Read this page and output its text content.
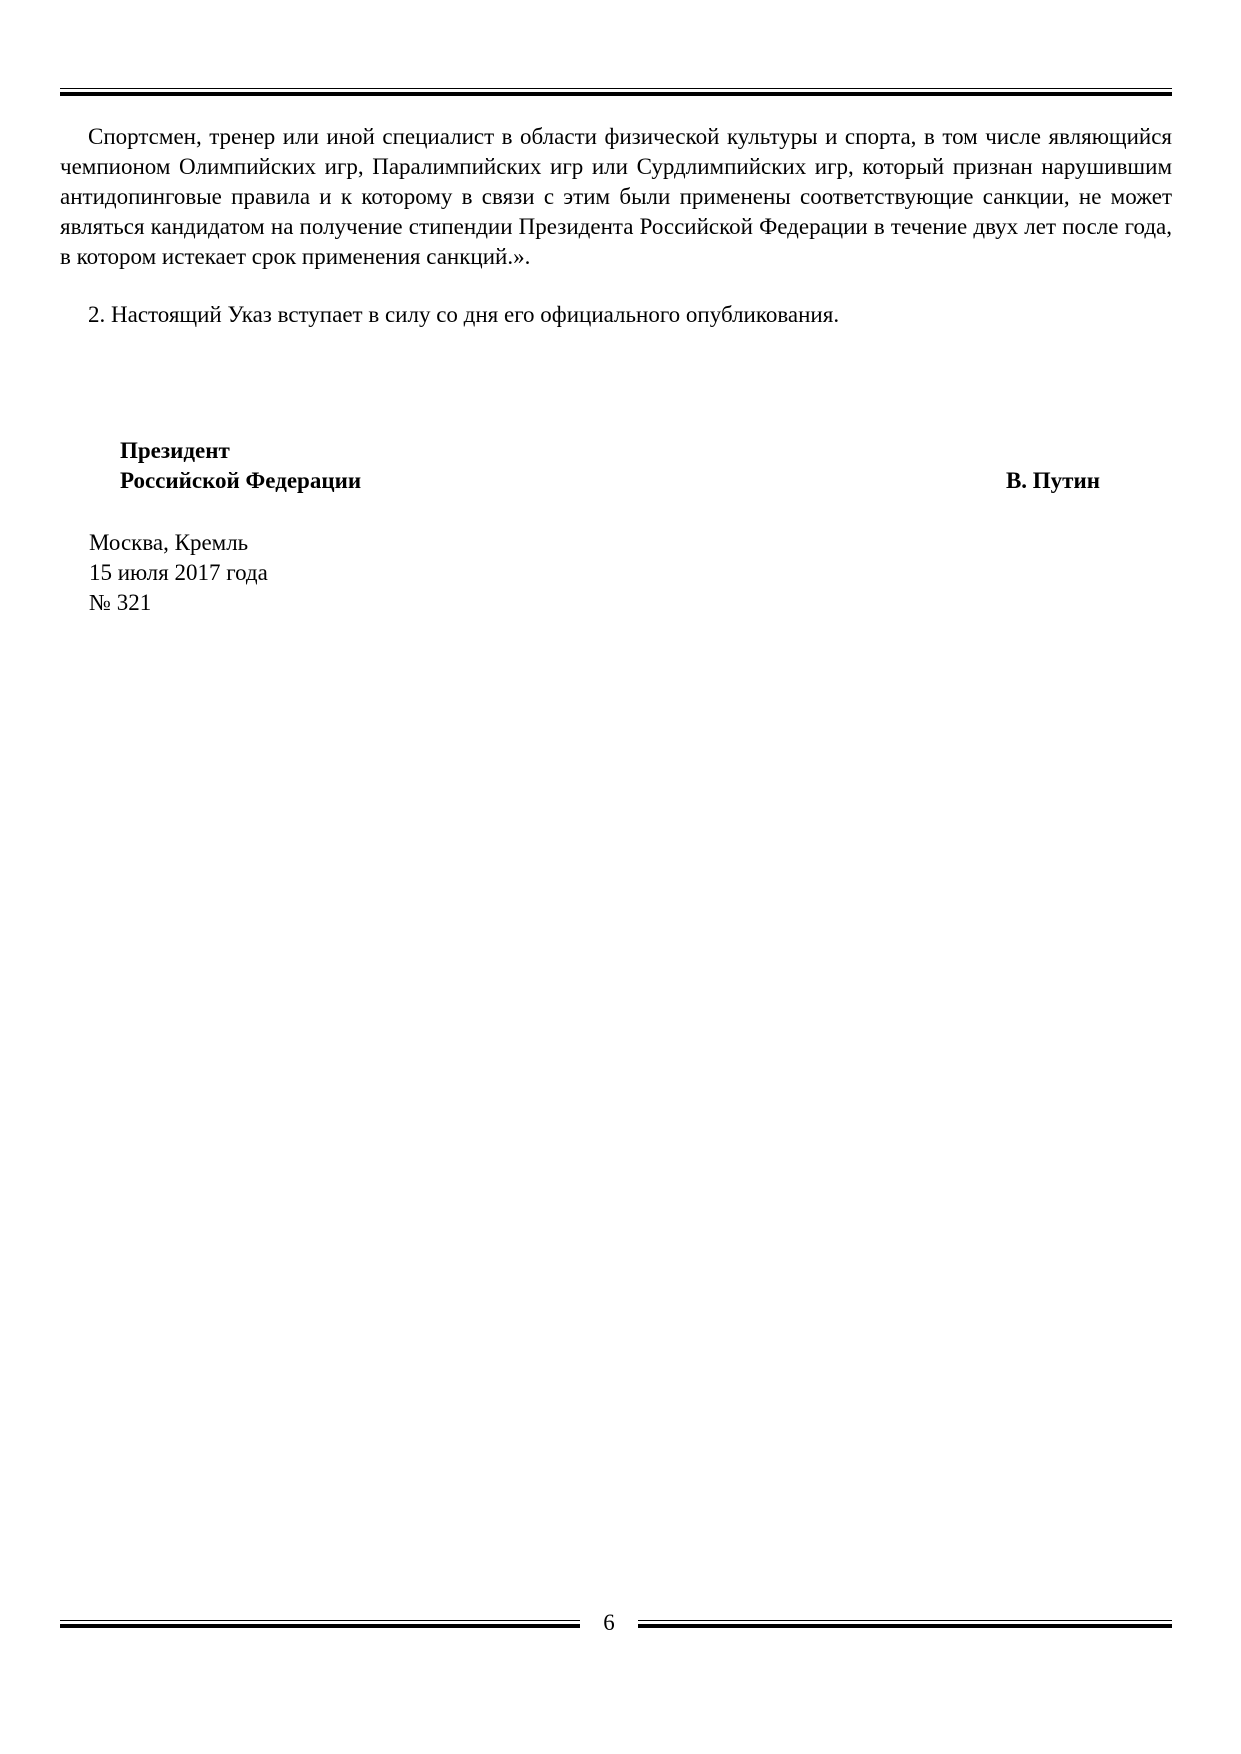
Спортсмен, тренер или иной специалист в области физической культуры и спорта, в том числе являющийся чемпионом Олимпийских игр, Паралимпийских игр или Сурдлимпийских игр, который признан нарушившим антидопинговые правила и к которому в связи с этим были применены соответствующие санкции, не может являться кандидатом на получение стипендии Президента Российской Федерации в течение двух лет после года, в котором истекает срок применения санкций.».

2. Настоящий Указ вступает в силу со дня его официального опубликования.

Президент
Российской Федерации	В. Путин
Москва, Кремль
15 июля 2017 года
№ 321
6
